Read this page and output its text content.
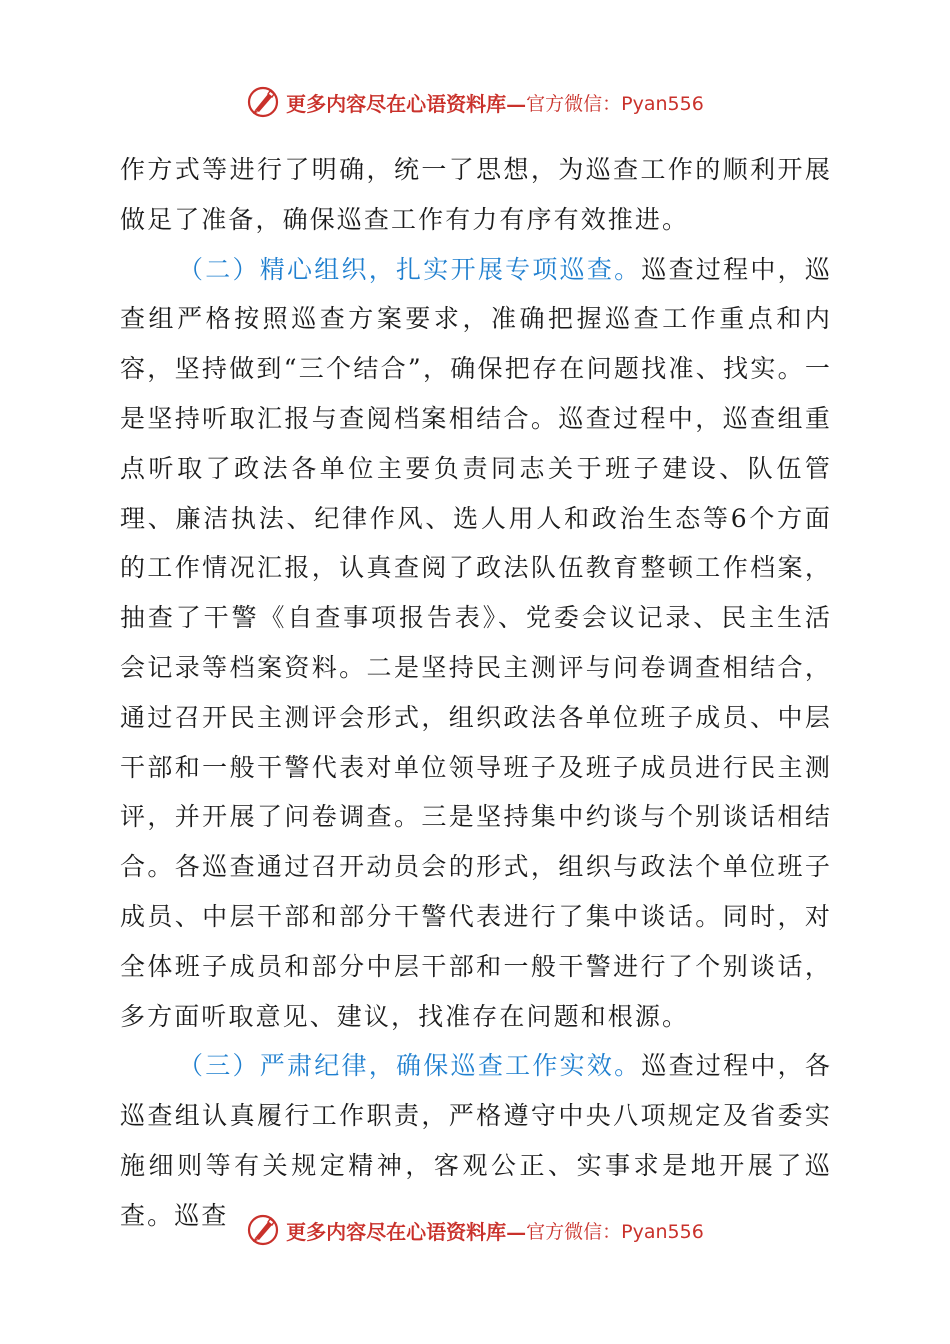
更多内容尽在心语资料库— 官方微信：Pyan556

作方式等进行了明确，统一了思想，为巡查工作的顺利开展做足了准备，确保巡查工作有力有序有效推进。

（二）精心组织，扎实开展专项巡查。巡查过程中，巡查组严格按照巡查方案要求，准确把握巡查工作重点和内容，坚持做到“三个结合”，确保把存在问题找准、找实。一是坚持听取汇报与查阅档案相结合。巡查过程中，巡查组重点听取了政法各单位主要负责同志关于班子建设、队伍管理、廉洁执法、纪律作风、选人用人和政治生态等6个方面的工作情况汇报，认真查阅了政法队伍教育整顿工作档案，抽查了干警《自查事项报告表》、党委会议记录、民主生活会记录等档案资料。二是坚持民主测评与问卷调查相结合，通过召开民主测评会形式，组织政法各单位班子成员、中层干部和一般干警代表对单位领导班子及班子成员进行民主测评，并开展了问卷调查。三是坚持集中约谈与个别谈话相结合。各巡查通过召开动员会的形式，组织与政法个单位班子成员、中层干部和部分干警代表进行了集中谈话。同时，对全体班子成员和部分中层干部和一般干警进行了个别谈话，多方面听取意见、建议，找准存在问题和根源。

（三）严肃纪律，确保巡查工作实效。巡查过程中，各巡查组认真履行工作职责，严格遵守中央八项规定及省委实施细则等有关规定精神，客观公正、实事求是地开展了巡查。巡查

更多内容尽在心语资料库— 官方微信：Pyan556
